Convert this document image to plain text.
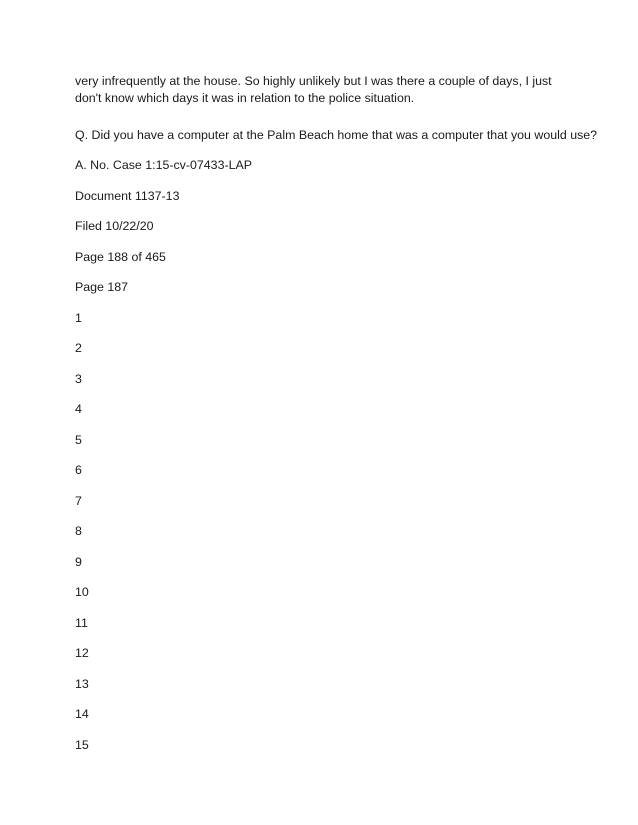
very infrequently at the house. So highly unlikely but I was there a couple of days, I just don't know which days it was in relation to the police situation.

Q. Did you have a computer at the Palm Beach home that was a computer that you would use?

A. No. Case 1:15-cv-07433-LAP

Document 1137-13

Filed 10/22/20

Page 188 of 465

Page 187

1

2

3

4

5

6

7

8

9

10

11

12

13

14

15
